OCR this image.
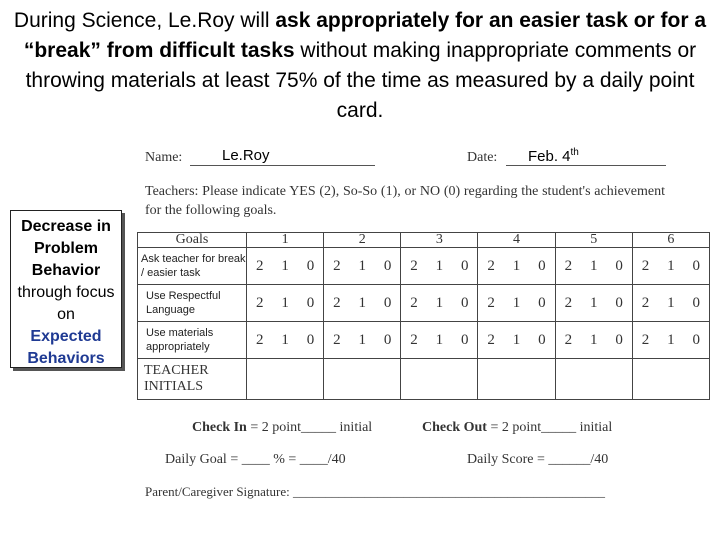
During Science, Le.Roy will ask appropriately for an easier task or for a “break” from difficult tasks without making inappropriate comments or throwing materials at least 75% of the time as measured by a daily point card.
Decrease in Problem Behavior
through focus on
Expected Behaviors
Name:	Le.Roy	Date: Feb. 4th
Teachers: Please indicate YES (2), So-So (1), or NO (0) regarding the student's achievement for the following goals.
Goals	1	2	3	4	5	6
Ask teacher for break / easier task	2 1 0	2 1 0	2 1 0	2 1 0	2 1 0	2 1 0

Use Respectful Language	2 1 0	2 1 0	2 1 0	2 1 0	2 1 0	2 1 0

Use materials appropriately	2 1 0	2 1 0	2 1 0	2 1 0	2 1 0	2 1 0

TEACHER INITIALS						
Check In = 2 point_____ initial	Check Out = 2 point_____ initial
Daily Goal = ____ % = ____/40	Daily Score = ______/40
Parent/Caregiver Signature: ________________________________________________
